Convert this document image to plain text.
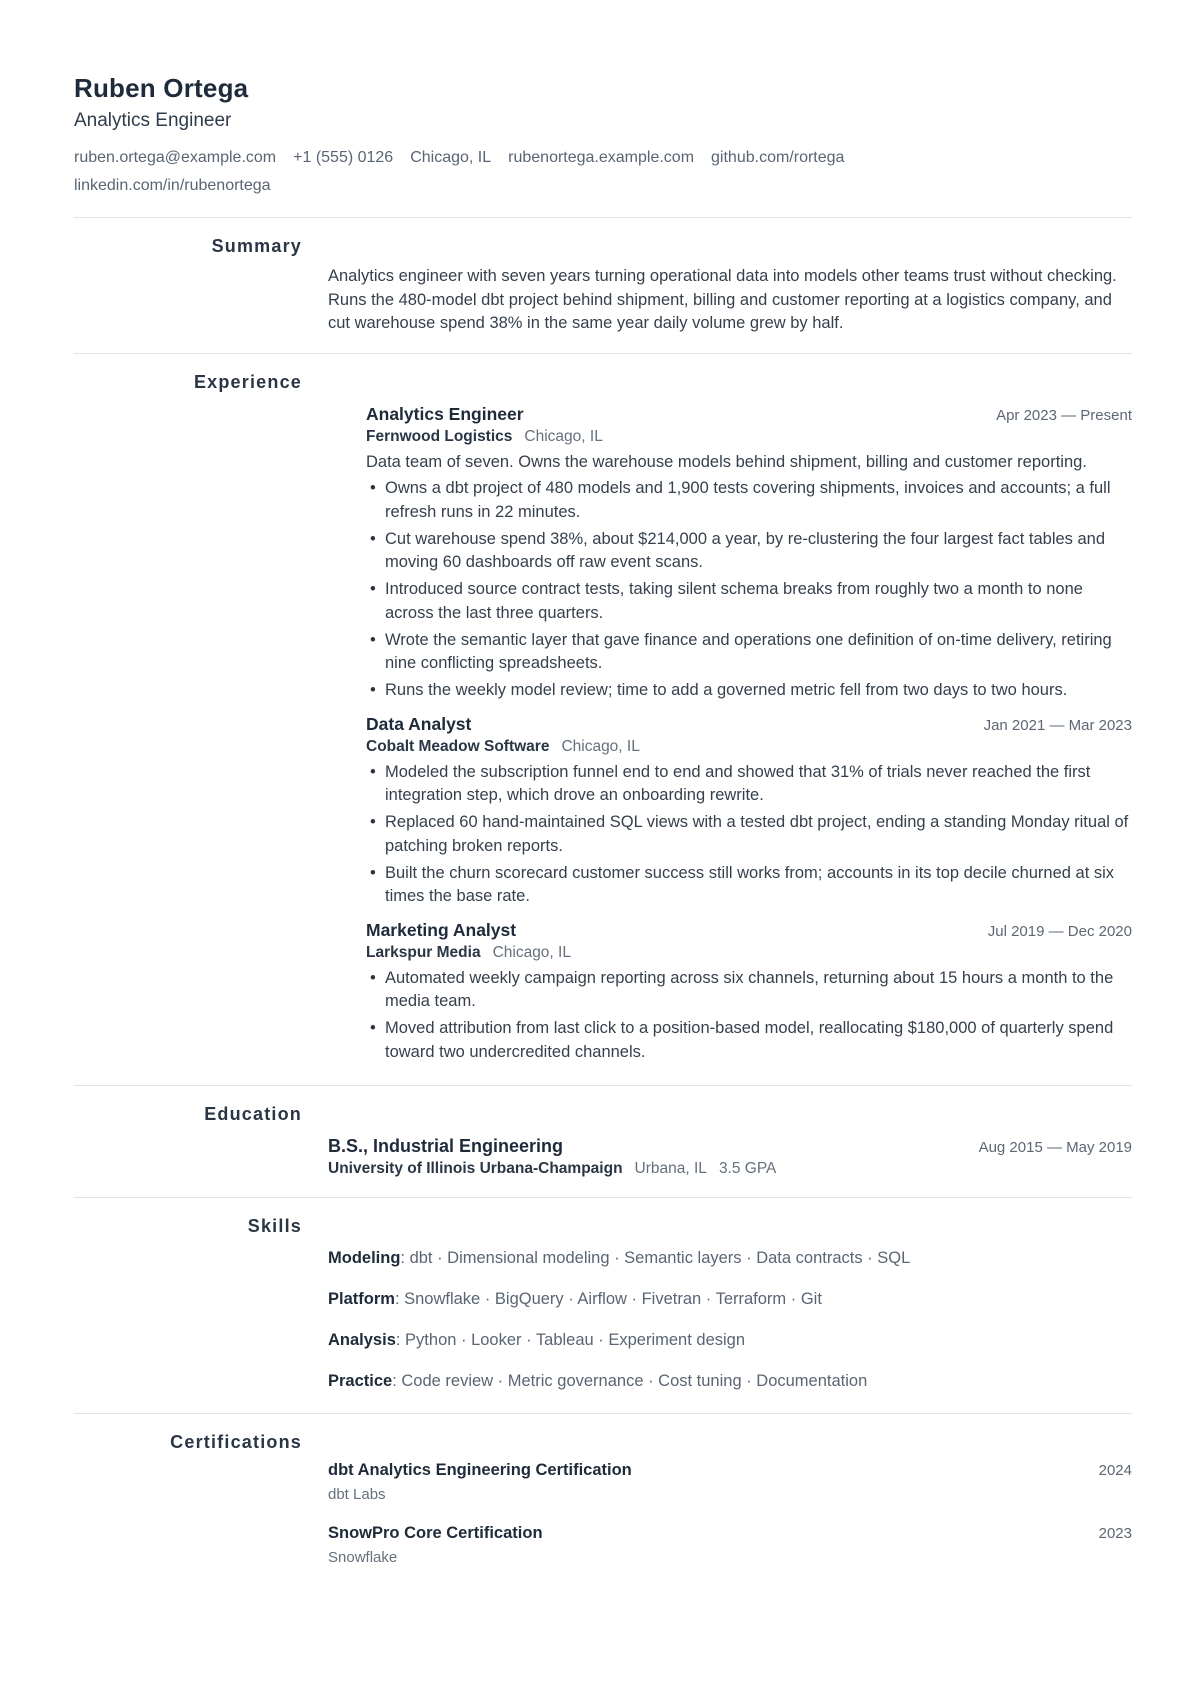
Ruben Ortega
Analytics Engineer
ruben.ortega@example.com +1 (555) 0126 Chicago, IL rubenortega.example.com github.com/rortegalinkedin.com/in/rubenortega
Summary

Analytics engineer with seven years turning operational data into models other teams trust without checking. Runs the 480-model dbt project behind shipment, billing and customer reporting at a logistics company, and cut warehouse spend 38% in the same year daily volume grew by half.

Experience
Analytics Engineer	Apr 2023 — Present
Fernwood Logistics Chicago, IL

Data team of seven. Owns the warehouse models behind shipment, billing and customer reporting.

• Owns a dbt project of 480 models and 1,900 tests covering shipments, invoices and accounts; a full refresh runs in 22 minutes.
• Cut warehouse spend 38%, about $214,000 a year, by re-clustering the four largest fact tables and moving 60 dashboards off raw event scans.
• Introduced source contract tests, taking silent schema breaks from roughly two a month to none across the last three quarters.
• Wrote the semantic layer that gave finance and operations one definition of on-time delivery, retiring nine conflicting spreadsheets.
• Runs the weekly model review; time to add a governed metric fell from two days to two hours.
Data Analyst	Jan 2021 — Mar 2023
Cobalt Meadow Software Chicago, IL
• Modeled the subscription funnel end to end and showed that 31% of trials never reached the first integration step, which drove an onboarding rewrite.
• Replaced 60 hand-maintained SQL views with a tested dbt project, ending a standing Monday ritual of patching broken reports.
• Built the churn scorecard customer success still works from; accounts in its top decile churned at six times the base rate.
Marketing Analyst	Jul 2019 — Dec 2020
Larkspur Media Chicago, IL
• Automated weekly campaign reporting across six channels, returning about 15 hours a month to the media team.
• Moved attribution from last click to a position-based model, reallocating $180,000 of quarterly spend toward two undercredited channels.
Education
B.S., Industrial Engineering	Aug 2015 — May 2019
University of Illinois Urbana-Champaign Urbana, IL 3.5 GPA
Skills
Modeling: dbt · Dimensional modeling · Semantic layers · Data contracts · SQL
Platform: Snowflake · BigQuery · Airflow · Fivetran · Terraform · Git
Analysis: Python · Looker · Tableau · Experiment design
Practice: Code review · Metric governance · Cost tuning · Documentation
Certifications
dbt Analytics Engineering Certification	2024
dbt Labs
SnowPro Core Certification	2023
Snowflake
